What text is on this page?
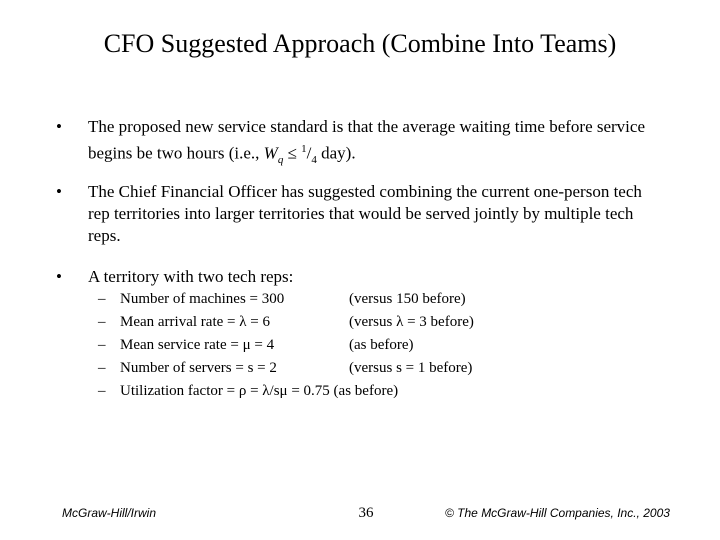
CFO Suggested Approach (Combine Into Teams)
•	The proposed new service standard is that the average waiting time before service begins be two hours (i.e., $W_q \le ^1/_4$ day).
•	The Chief Financial Officer has suggested combining the current one-person tech rep territories into larger territories that would be served jointly by multiple tech reps.
•	A territory with two tech reps:
– Number of machines = 300	(versus 150 before)
– Mean arrival rate = λ = 6	(versus λ = 3 before)
– Mean service rate = μ = 4	(as before)
– Number of servers = s = 2	(versus s = 1 before)
– Utilization factor = ρ = λ/sμ = 0.75 (as before)
McGraw-Hill/Irwin	36	© The McGraw-Hill Companies, Inc., 2003
